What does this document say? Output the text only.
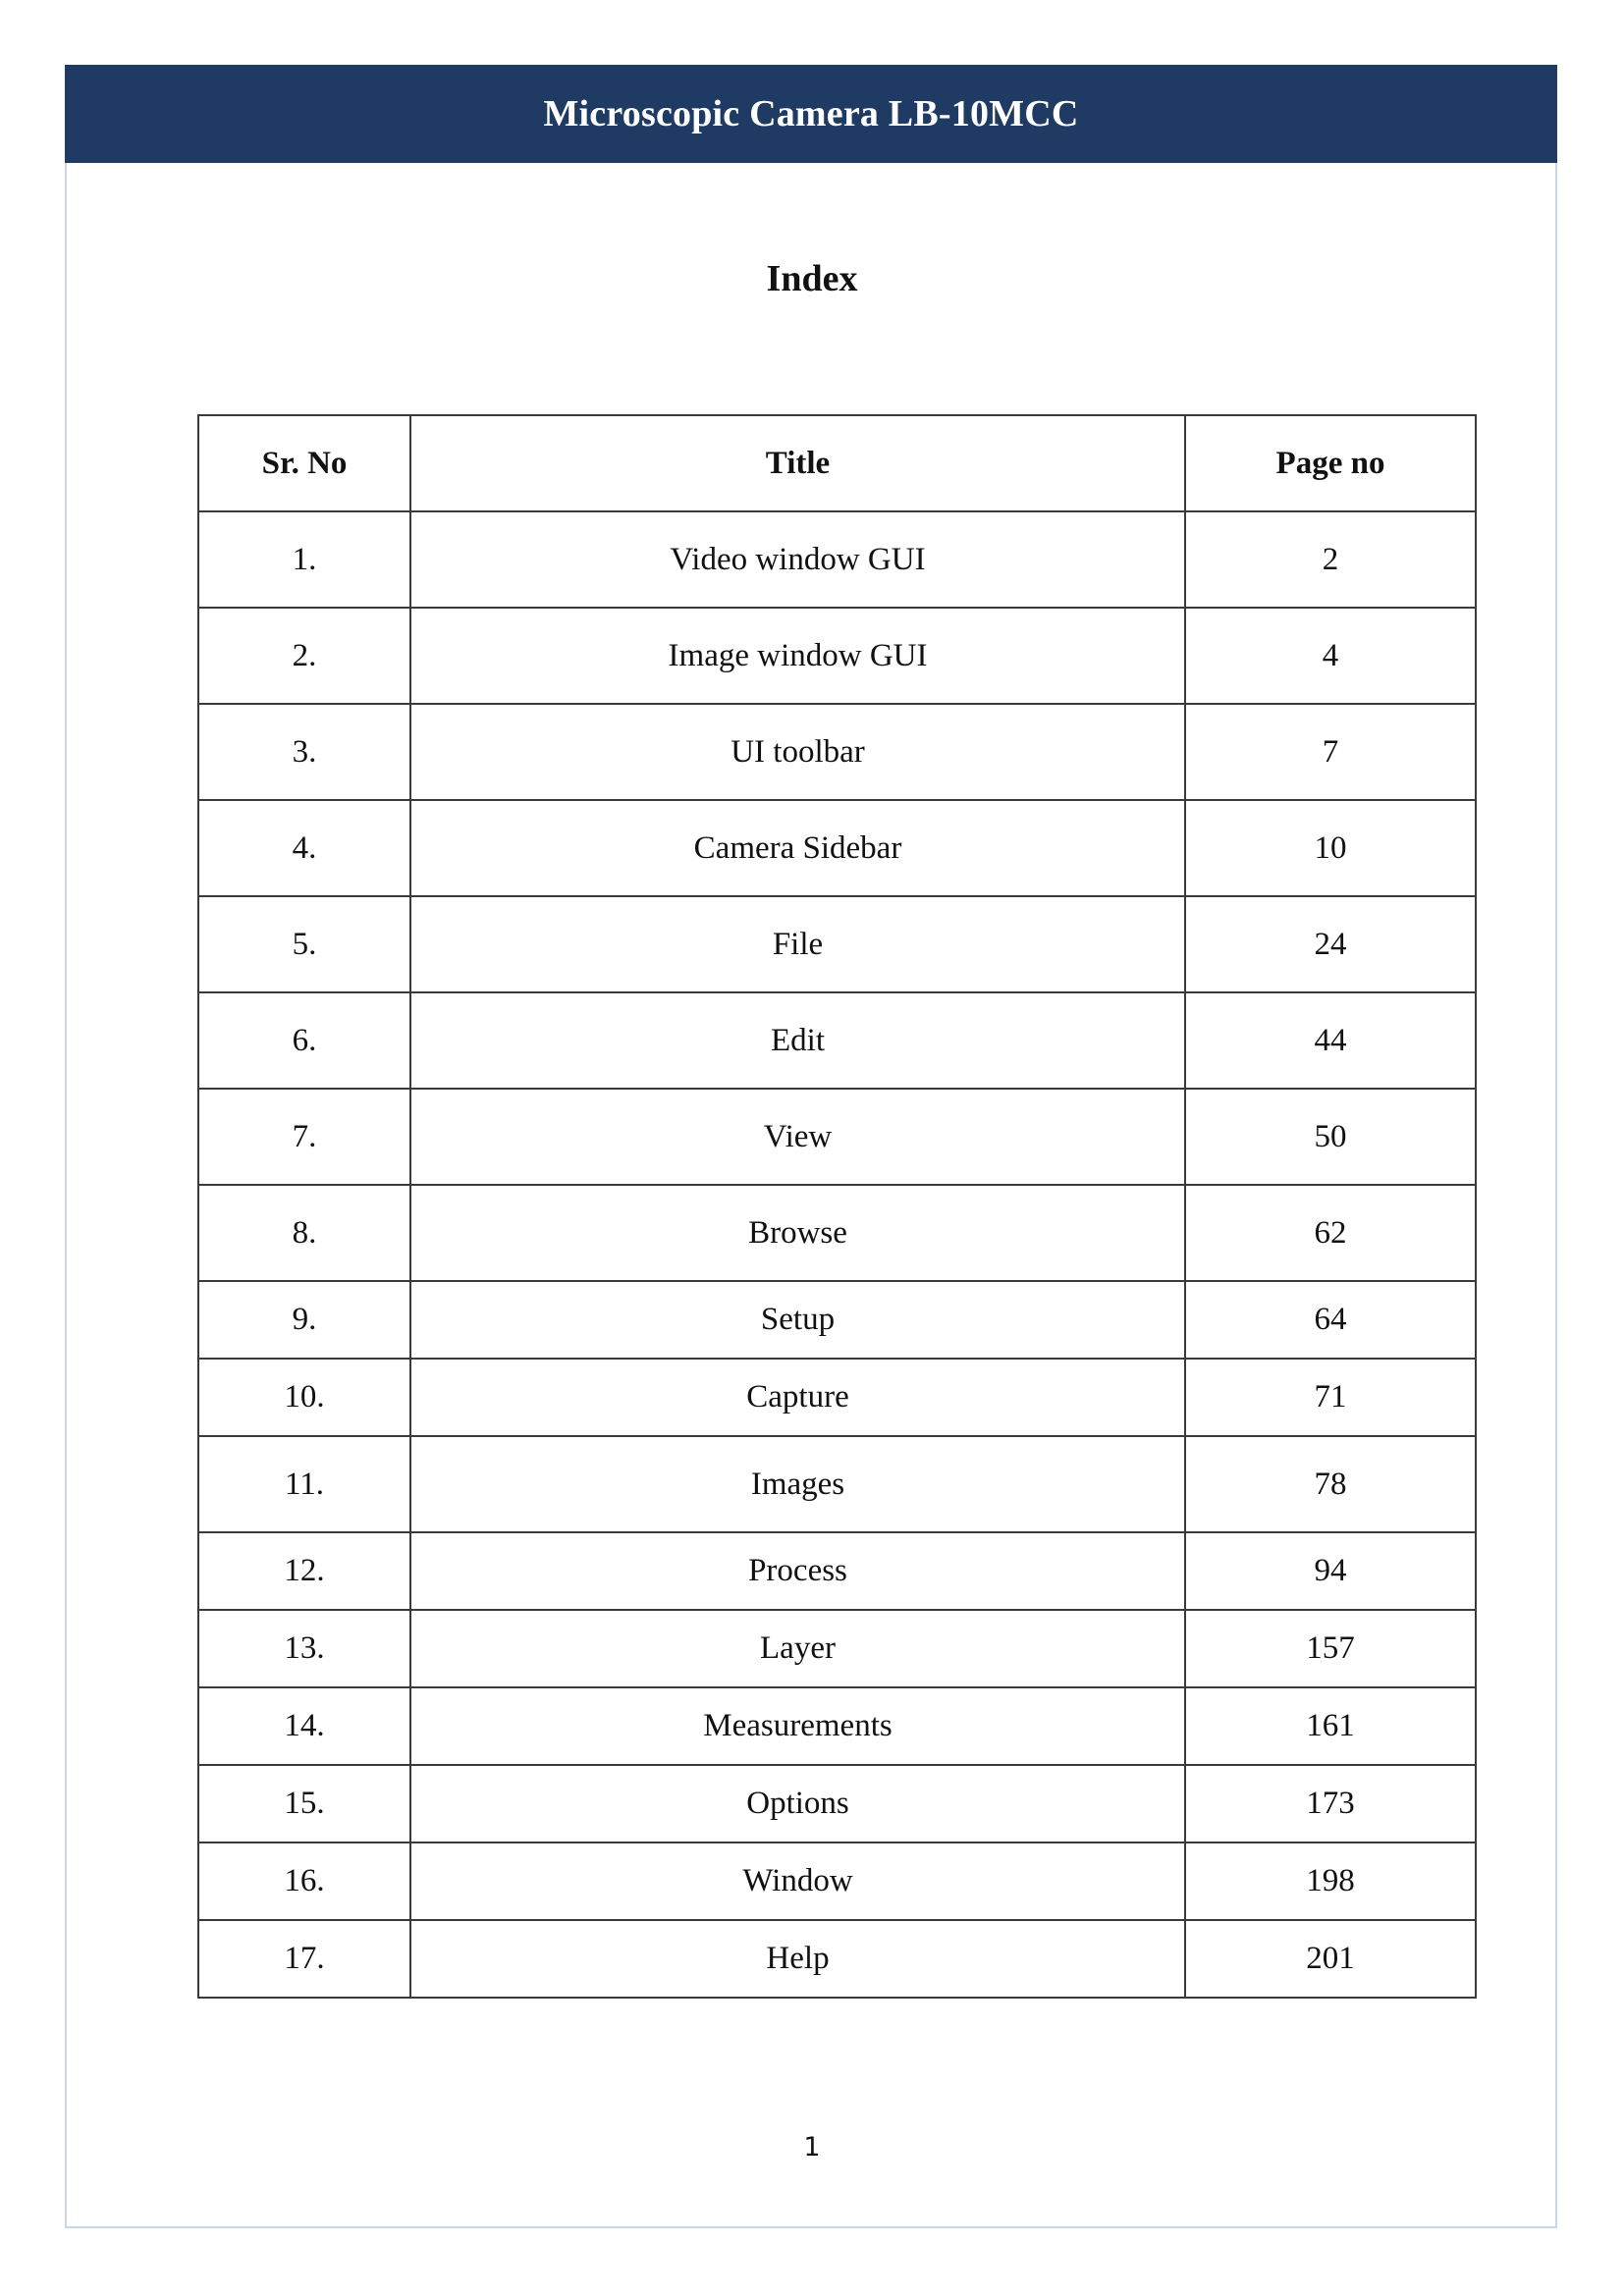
Microscopic Camera LB-10MCC
Index
Sr. No	Title	Page no
1.	Video window GUI	2
2.	Image window GUI	4
3.	UI toolbar	7
4.	Camera Sidebar	10
5.	File	24
6.	Edit	44
7.	View	50
8.	Browse	62
9.	Setup	64
10.	Capture	71
11.	Images	78
12.	Process	94
13.	Layer	157
14.	Measurements	161
15.	Options	173
16.	Window	198
17.	Help	201
1
